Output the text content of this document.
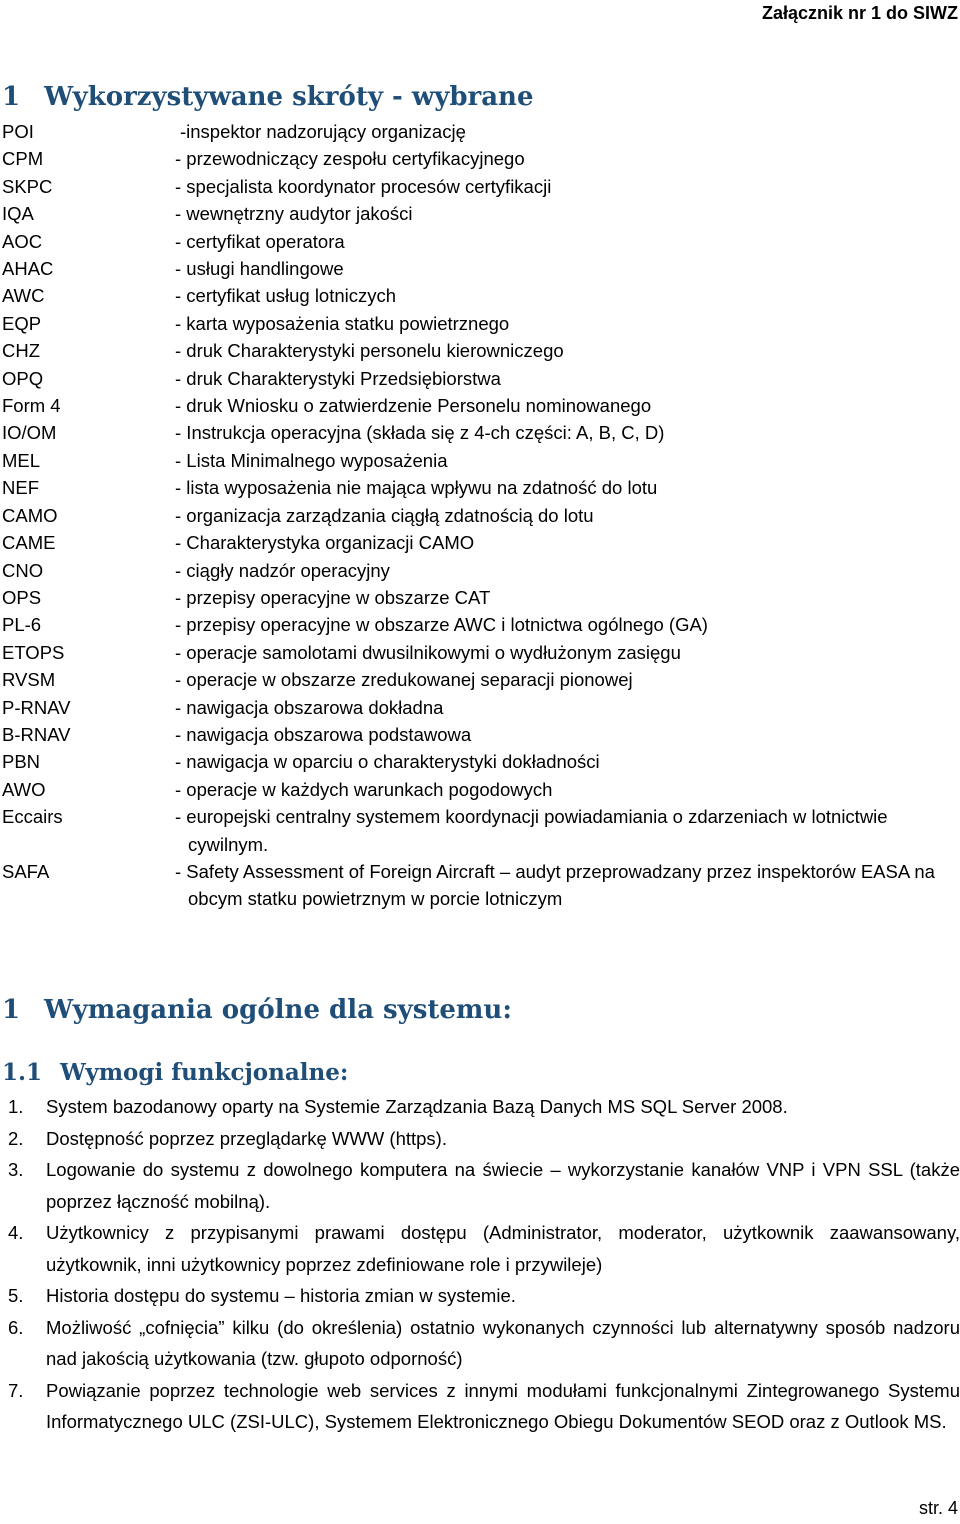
Załącznik nr 1 do SIWZ
1 Wykorzystywane skróty - wybrane
POI	-inspektor nadzorujący organizację
CPM	- przewodniczący zespołu certyfikacyjnego
SKPC	- specjalista koordynator procesów certyfikacji
IQA	- wewnętrzny audytor jakości
AOC	- certyfikat operatora
AHAC	- usługi handlingowe
AWC	- certyfikat usług lotniczych
EQP	- karta wyposażenia statku powietrznego
CHZ	- druk Charakterystyki personelu kierowniczego
OPQ	- druk Charakterystyki Przedsiębiorstwa
Form 4	- druk Wniosku o zatwierdzenie Personelu nominowanego
IO/OM	- Instrukcja operacyjna (składa się z 4-ch części: A, B, C, D)
MEL	- Lista Minimalnego wyposażenia
NEF	- lista wyposażenia nie mająca wpływu na zdatność do lotu
CAMO	- organizacja zarządzania ciągłą zdatnością do lotu
CAME	- Charakterystyka organizacji CAMO
CNO	- ciągły nadzór operacyjny
OPS	- przepisy operacyjne w obszarze CAT
PL-6	- przepisy operacyjne w obszarze AWC i lotnictwa ogólnego (GA)
ETOPS	- operacje samolotami dwusilnikowymi o wydłużonym zasięgu
RVSM	- operacje w obszarze zredukowanej separacji pionowej
P-RNAV	- nawigacja obszarowa dokładna
B-RNAV	- nawigacja obszarowa podstawowa
PBN	- nawigacja w oparciu o charakterystyki dokładności
AWO	- operacje w każdych warunkach pogodowych
Eccairs	- europejski centralny systemem koordynacji powiadamiania o zdarzeniach w lotnictwie cywilnym.
SAFA	- Safety Assessment of Foreign Aircraft – audyt przeprowadzany przez inspektorów EASA na obcym statku powietrznym w porcie lotniczym
1 Wymagania ogólne dla systemu:
1.1 Wymogi funkcjonalne:
1. System bazodanowy oparty na Systemie Zarządzania Bazą Danych MS SQL Server 2008.
2. Dostępność poprzez przeglądarkę WWW (https).
3. Logowanie do systemu z dowolnego komputera na świecie – wykorzystanie kanałów VNP i VPN SSL (także poprzez łączność mobilną).
4. Użytkownicy z przypisanymi prawami dostępu (Administrator, moderator, użytkownik zaawansowany, użytkownik, inni użytkownicy poprzez zdefiniowane role i przywileje)
5. Historia dostępu do systemu – historia zmian w systemie.
6. Możliwość „cofnięcia” kilku (do określenia) ostatnio wykonanych czynności lub alternatywny sposób nadzoru nad jakością użytkowania (tzw. głupoto odporność)
7. Powiązanie poprzez technologie web services z innymi modułami funkcjonalnymi Zintegrowanego Systemu Informatycznego ULC (ZSI-ULC), Systemem Elektronicznego Obiegu Dokumentów SEOD oraz z Outlook MS.
str. 4
